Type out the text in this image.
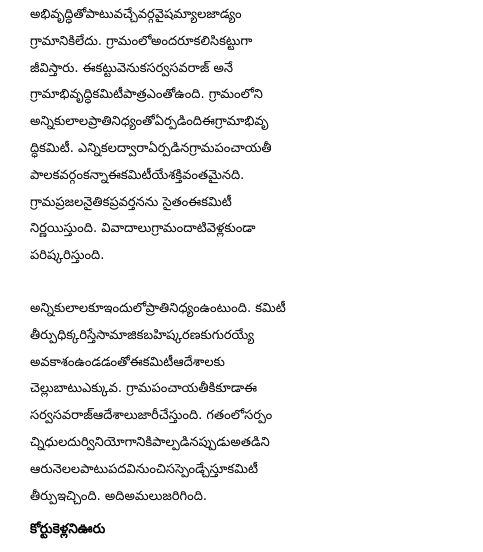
అభివృద్ధితోపాటువచ్చేవర్గవైషమ్యాలజాడ్యం
గ్రామానికిలేదు. గ్రామంలోఅందరూకలిసికట్టుగా
జీవిస్తారు. ఈకట్టువెనుకసర్వసవరాజ్ అనే
గ్రామాభివృద్ధికమిటీపాత్రఎంతోఉంది. గ్రామంలోని
అన్నికులాలప్రాతినిధ్యంతోఏర్పడిందిఈగ్రామాభివృ
ద్ధికమిటీ. ఎన్నికలద్వారాఏర్పడినగ్రామపంచాయతీ
పాలకవర్గంకన్నాఈకమిటీయేశక్తివంతమైనది.
గ్రామప్రజలనైతికప్రవర్తనను సైతంఈకమిటీ
నిర్ణయిస్తుంది. వివాదాలుగ్రామందాటివెళ్లకుండా
పరిష్కరిస్తుంది.
అన్నికులాలకూఇందులోప్రాతినిధ్యంఉంటుంది. కమిటీ
తీర్పుధిక్కరిస్తేసామాజికబహిష్కరణకుగురయ్యే
అవకాశంఉండడంతోఈకమిటీఆదేశాలకు
చెల్లుబాటుఎక్కువ. గ్రామపంచాయతీకికూడాఈ
సర్వసవరాజ్ఆదేశాలుజారీచేస్తుంది. గతంలోసర్పం
చ్నిధులదుర్వినియోగానికిపాల్పడినప్పుడుఅతడిని
ఆరునెలలపాటుపదవినుంచిసస్పెండ్చేస్తూకమిటీ
తీర్పుఇచ్చింది. అదిఅమలుజరిగింది.
కోర్టుకెళ్లనిఊరు
